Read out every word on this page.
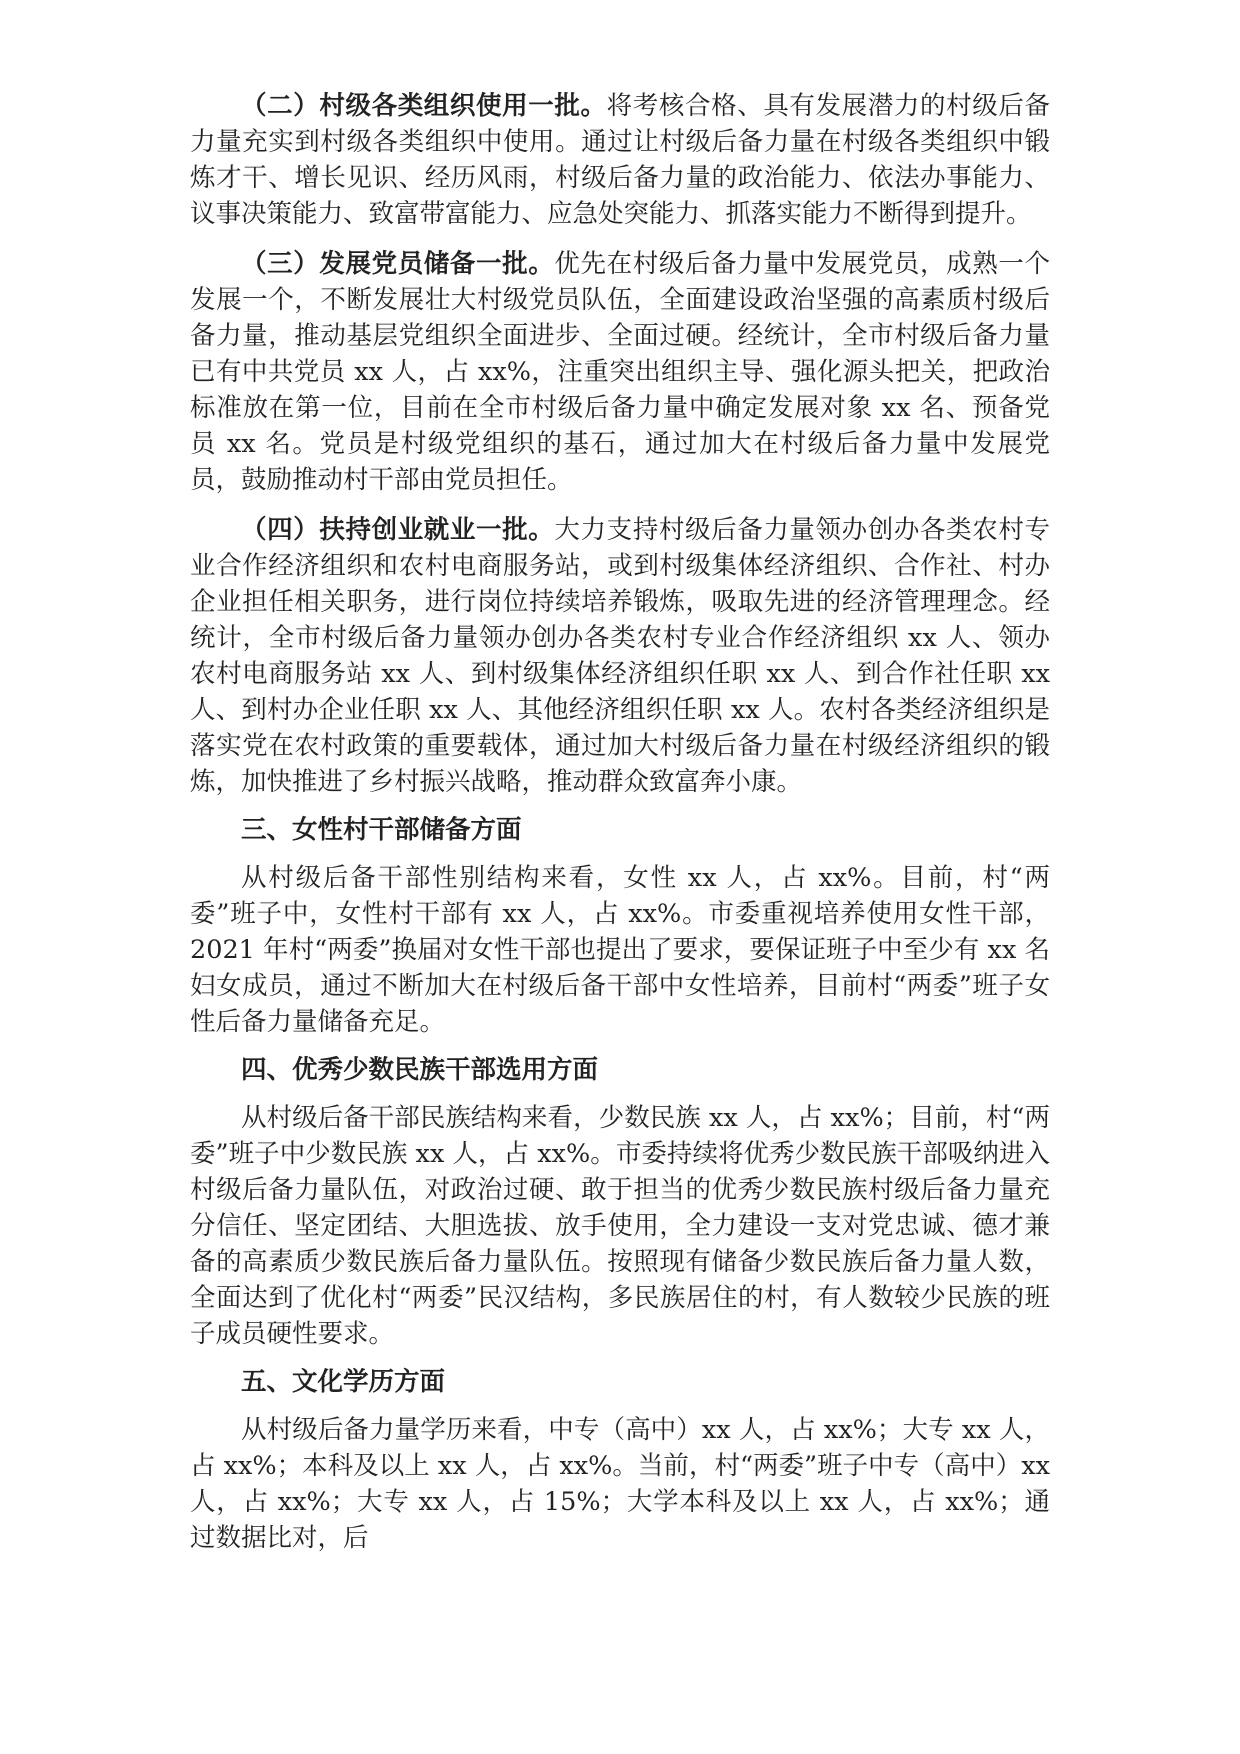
（二）村级各类组织使用一批。将考核合格、具有发展潜力的村级后备力量充实到村级各类组织中使用。通过让村级后备力量在村级各类组织中锻炼才干、增长见识、经历风雨，村级后备力量的政治能力、依法办事能力、议事决策能力、致富带富能力、应急处突能力、抓落实能力不断得到提升。

（三）发展党员储备一批。优先在村级后备力量中发展党员，成熟一个发展一个，不断发展壮大村级党员队伍，全面建设政治坚强的高素质村级后备力量，推动基层党组织全面进步、全面过硬。经统计，全市村级后备力量已有中共党员 xx 人，占 xx%，注重突出组织主导、强化源头把关，把政治标准放在第一位，目前在全市村级后备力量中确定发展对象 xx 名、预备党员 xx 名。党员是村级党组织的基石，通过加大在村级后备力量中发展党员，鼓励推动村干部由党员担任。

（四）扶持创业就业一批。大力支持村级后备力量领办创办各类农村专业合作经济组织和农村电商服务站，或到村级集体经济组织、合作社、村办企业担任相关职务，进行岗位持续培养锻炼，吸取先进的经济管理理念。经统计，全市村级后备力量领办创办各类农村专业合作经济组织 xx 人、领办农村电商服务站 xx 人、到村级集体经济组织任职 xx 人、到合作社任职 xx 人、到村办企业任职 xx 人、其他经济组织任职 xx 人。农村各类经济组织是落实党在农村政策的重要载体，通过加大村级后备力量在村级经济组织的锻炼，加快推进了乡村振兴战略，推动群众致富奔小康。

三、女性村干部储备方面

从村级后备干部性别结构来看，女性 xx 人，占 xx%。目前，村“两委”班子中，女性村干部有 xx 人，占 xx%。市委重视培养使用女性干部，2021 年村“两委”换届对女性干部也提出了要求，要保证班子中至少有 xx 名妇女成员，通过不断加大在村级后备干部中女性培养，目前村“两委”班子女性后备力量储备充足。

四、优秀少数民族干部选用方面

从村级后备干部民族结构来看，少数民族 xx 人，占 xx%；目前，村“两委”班子中少数民族 xx 人，占 xx%。市委持续将优秀少数民族干部吸纳进入村级后备力量队伍，对政治过硬、敢于担当的优秀少数民族村级后备力量充分信任、坚定团结、大胆选拔、放手使用，全力建设一支对党忠诚、德才兼备的高素质少数民族后备力量队伍。按照现有储备少数民族后备力量人数，全面达到了优化村“两委”民汉结构，多民族居住的村，有人数较少民族的班子成员硬性要求。

五、文化学历方面

从村级后备力量学历来看，中专（高中）xx 人，占 xx%；大专 xx 人，占 xx%；本科及以上 xx 人，占 xx%。当前，村“两委”班子中专（高中）xx 人，占 xx%；大专 xx 人，占 15%；大学本科及以上 xx 人，占 xx%；通过数据比对，后
